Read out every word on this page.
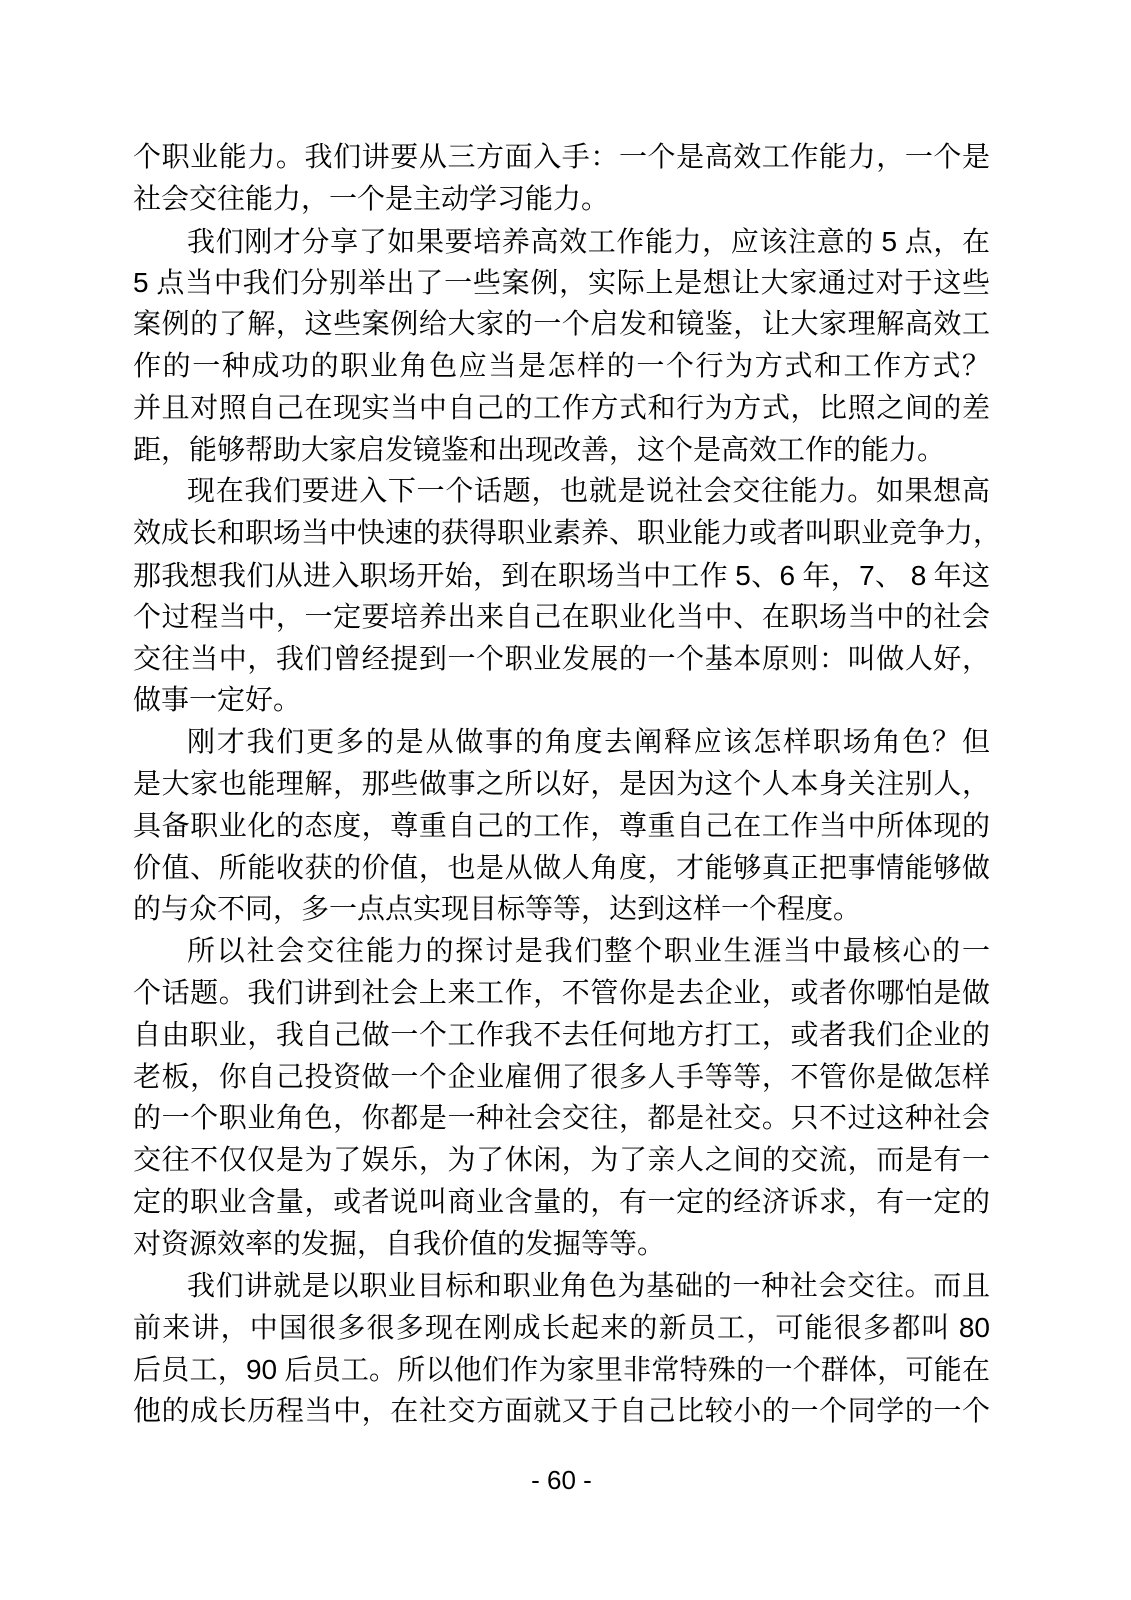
个职业能力。我们讲要从三方面入手：一个是高效工作能力，一个是
社会交往能力，一个是主动学习能力。
我们刚才分享了如果要培养高效工作能力，应该注意的 5 点，在
5 点当中我们分别举出了一些案例，实际上是想让大家通过对于这些
案例的了解，这些案例给大家的一个启发和镜鉴，让大家理解高效工
作的一种成功的职业角色应当是怎样的一个行为方式和工作方式？
并且对照自己在现实当中自己的工作方式和行为方式，比照之间的差
距，能够帮助大家启发镜鉴和出现改善，这个是高效工作的能力。
现在我们要进入下一个话题，也就是说社会交往能力。如果想高
效成长和职场当中快速的获得职业素养、职业能力或者叫职业竞争力，
那我想我们从进入职场开始，到在职场当中工作 5、6 年，7、 8 年这
个过程当中，一定要培养出来自己在职业化当中、在职场当中的社会
交往当中，我们曾经提到一个职业发展的一个基本原则：叫做人好，
做事一定好。
刚才我们更多的是从做事的角度去阐释应该怎样职场角色？但
是大家也能理解，那些做事之所以好，是因为这个人本身关注别人，
具备职业化的态度，尊重自己的工作，尊重自己在工作当中所体现的
价值、所能收获的价值，也是从做人角度，才能够真正把事情能够做
的与众不同，多一点点实现目标等等，达到这样一个程度。
所以社会交往能力的探讨是我们整个职业生涯当中最核心的一
个话题。我们讲到社会上来工作，不管你是去企业，或者你哪怕是做
自由职业，我自己做一个工作我不去任何地方打工，或者我们企业的
老板，你自己投资做一个企业雇佣了很多人手等等，不管你是做怎样
的一个职业角色，你都是一种社会交往，都是社交。只不过这种社会
交往不仅仅是为了娱乐，为了休闲，为了亲人之间的交流，而是有一
定的职业含量，或者说叫商业含量的，有一定的经济诉求，有一定的
对资源效率的发掘，自我价值的发掘等等。
我们讲就是以职业目标和职业角色为基础的一种社会交往。而且
前来讲，中国很多很多现在刚成长起来的新员工，可能很多都叫 80
后员工，90 后员工。所以他们作为家里非常特殊的一个群体，可能在
他的成长历程当中，在社交方面就又于自己比较小的一个同学的一个
- 60 -
